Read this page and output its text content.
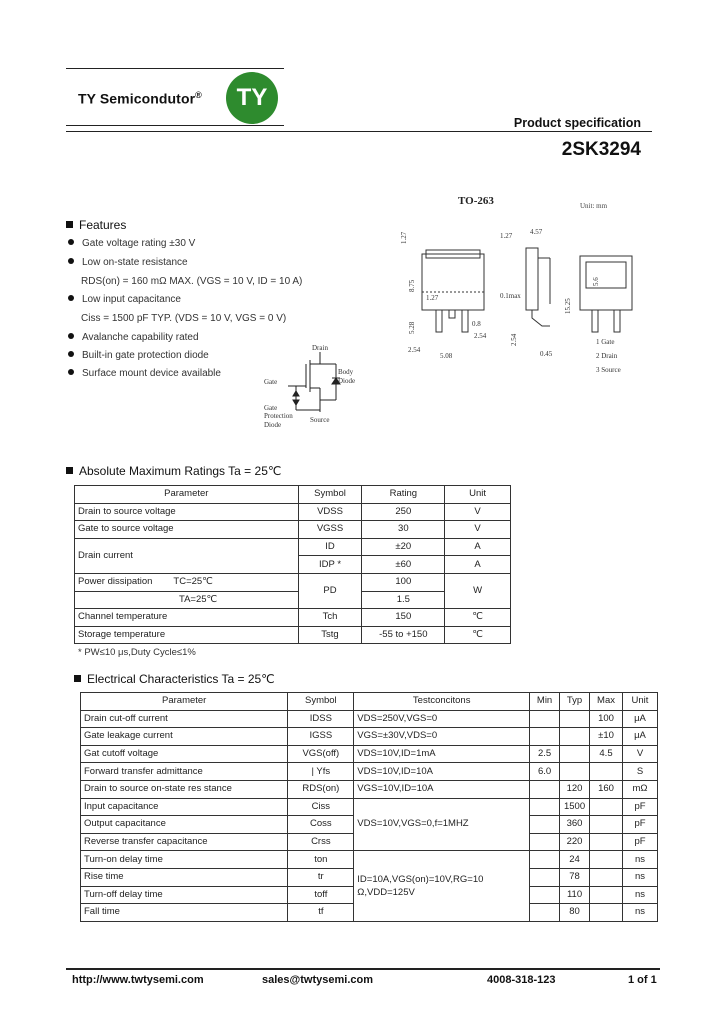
TY Semicondutor®	TY
Product specification
2SK3294
Features
Gate voltage rating ±30 V
Low on-state resistance
RDS(on) = 160 mΩ MAX. (VGS = 10 V, ID = 10 A)
Low input capacitance
Ciss = 1500 pF TYP. (VDS = 10 V, VGS = 0 V)
Avalanche capability rated
Built-in gate protection diode
Surface mount device available
Drain
Gate
Body
Diode
Gate
Protection
Diode
Source
TO-263	Unit: mm
1.27	1.27	4.57
8.75
1.27	0.1max
15.25
5.28	0.8
2.54
2.54
5.08
2.54
0.45
5.6
1 Gate
2 Drain
3 Source
Absolute Maximum Ratings Ta = 25℃
Parameter	Symbol	Rating	Unit
Drain to source voltage	VDSS	250	V
Gate to source voltage	VGSS	30	V
Drain current	ID	±20	A
	IDP *	±60	A
Power dissipation        TC=25℃	PD	100	W
TA=25℃		1.5	
Channel temperature	Tch	150	℃
Storage temperature	Tstg	-55 to +150	℃
* PW≤10 μs,Duty Cycle≤1%
Electrical Characteristics Ta = 25℃
Parameter	Symbol	Testconcitons	Min	Typ	Max	Unit
Drain cut-off current	IDSS	VDS=250V,VGS=0			100	μA
Gate leakage current	IGSS	VGS=±30V,VDS=0			±10	μA
Gat cutoff voltage	VGS(off)	VDS=10V,ID=1mA	2.5		4.5	V
Forward transfer admittance	| Yfs	VDS=10V,ID=10A	6.0			S
Drain to source on-state res stance	RDS(on)	VGS=10V,ID=10A		120	160	mΩ
Input capacitance	Ciss	VDS=10V,VGS=0,f=1MHZ		1500		pF
Output capacitance	Coss			360		pF
Reverse transfer capacitance	Crss			220		pF
Turn-on delay time	ton	ID=10A,VGS(on)=10V,RG=10 Ω,VDD=125V		24		ns
Rise time	tr			78		ns
Turn-off delay time	toff			110		ns
Fall time	tf			80		ns
http://www.twtysemi.com	sales@twtysemi.com	4008-318-123	1 of 1
